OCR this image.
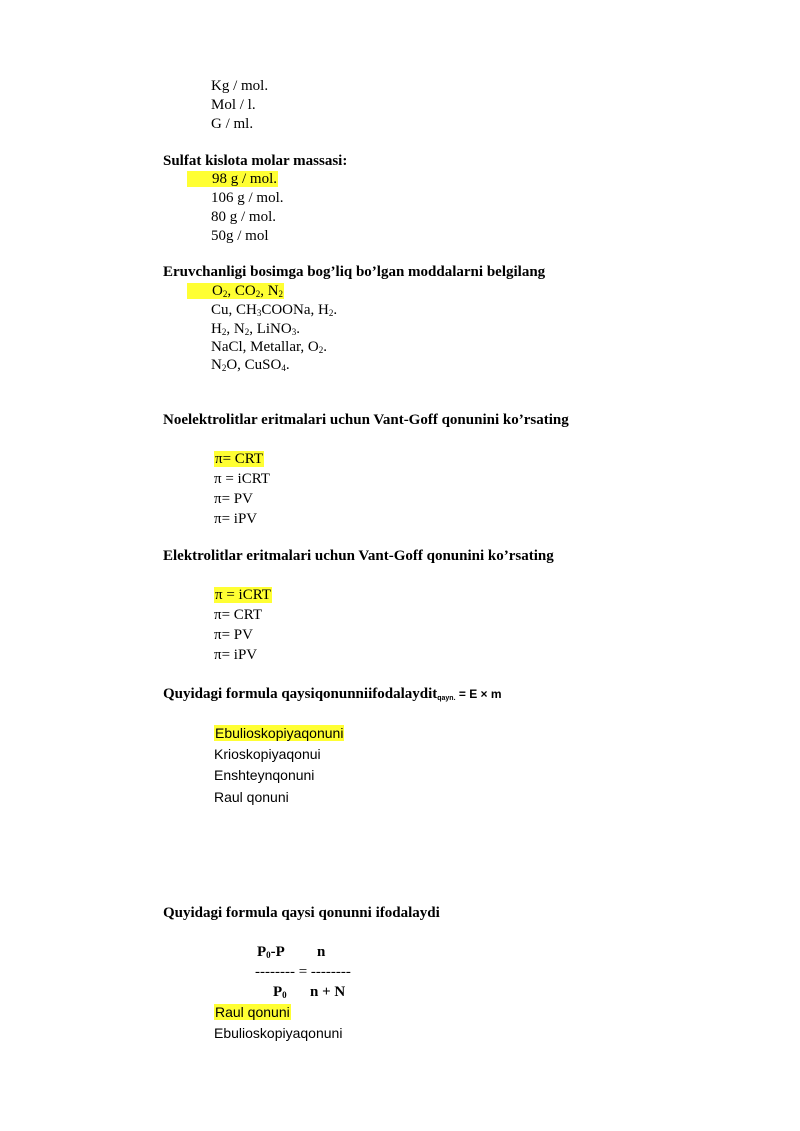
Kg / mol.
Mol / l.
G / ml.
Sulfat kislota molar massasi:
98 g / mol.
106 g / mol.
80 g / mol.
50g / mol
Eruvchanligi bosimga bog’liq bo’lgan moddalarni belgilang
$O_2$, $CO_2$, $N_2$
Cu, $CH_3COONa$, $H_2$.
$H_2$, $N_2$, LiNO$_3$.
NaCl, Metallar, $O_2$.
$N_2O$, CuSO$_4$.
Noelektrolitlar eritmalari uchun Vant-Goff qonunini ko’rsating
π= CRT
π = iCRT
π= PV
π= iPV
Elektrolitlar eritmalari uchun Vant-Goff qonunini ko’rsating
π = iCRT
π= CRT
π= PV
π= iPV
Quyidagi formula qaysiqonunniifodalaydit$_{qayn.}$ = E × m
Ebulioskopiyaqonuni
Krioskopiyaqonui
Enshteynqonuni
Raul qonuni
Quyidagi formula qaysi qonunni ifodalaydi
$P_0-P$ n
-------- = --------
$P_0$ n + N
Raul qonuni
Ebulioskopiyaqonuni
